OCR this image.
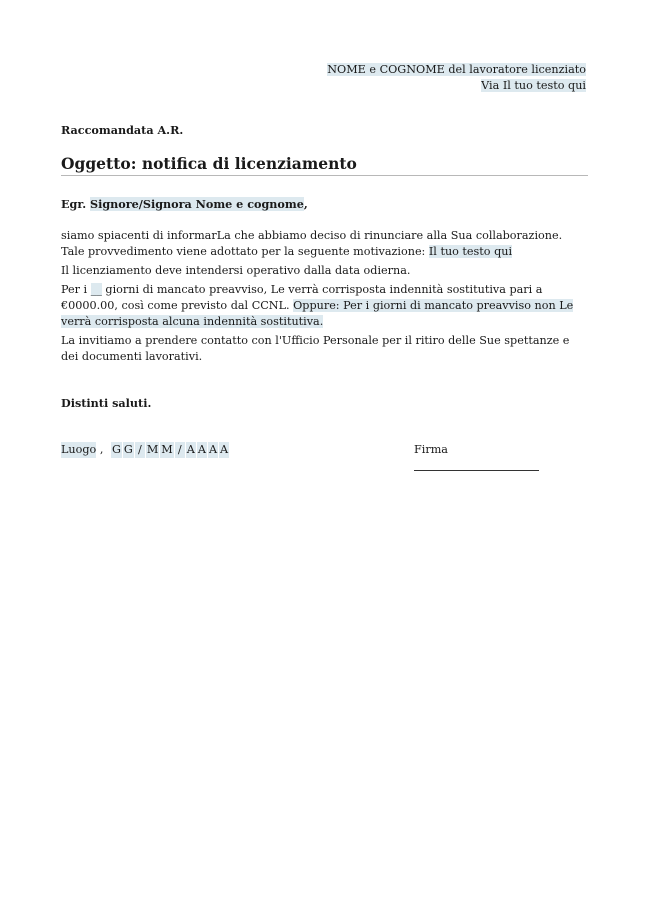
NOME e COGNOME del lavoratore licenziato
Via Il tuo testo qui
Raccomandata A.R.
Oggetto: notifica di licenziamento
Egr. Signore/Signora Nome e cognome,

siamo spiacenti di informarLa che abbiamo deciso di rinunciare alla Sua collaborazione. Tale provvedimento viene adottato per la seguente motivazione: Il tuo testo qui

Il licenziamento deve intendersi operativo dalla data odierna.

Per i __ giorni di mancato preavviso, Le verrà corrisposta indennità sostitutiva pari a €0000.00, così come previsto dal CCNL. Oppure: Per i giorni di mancato preavviso non Le verrà corrisposta alcuna indennità sostitutiva.

La invitiamo a prendere contatto con l'Ufficio Personale per il ritiro delle Sue spettanze e dei documenti lavorativi.

Distinti saluti.
Luogo , G G / M M / A A A A	Firma
